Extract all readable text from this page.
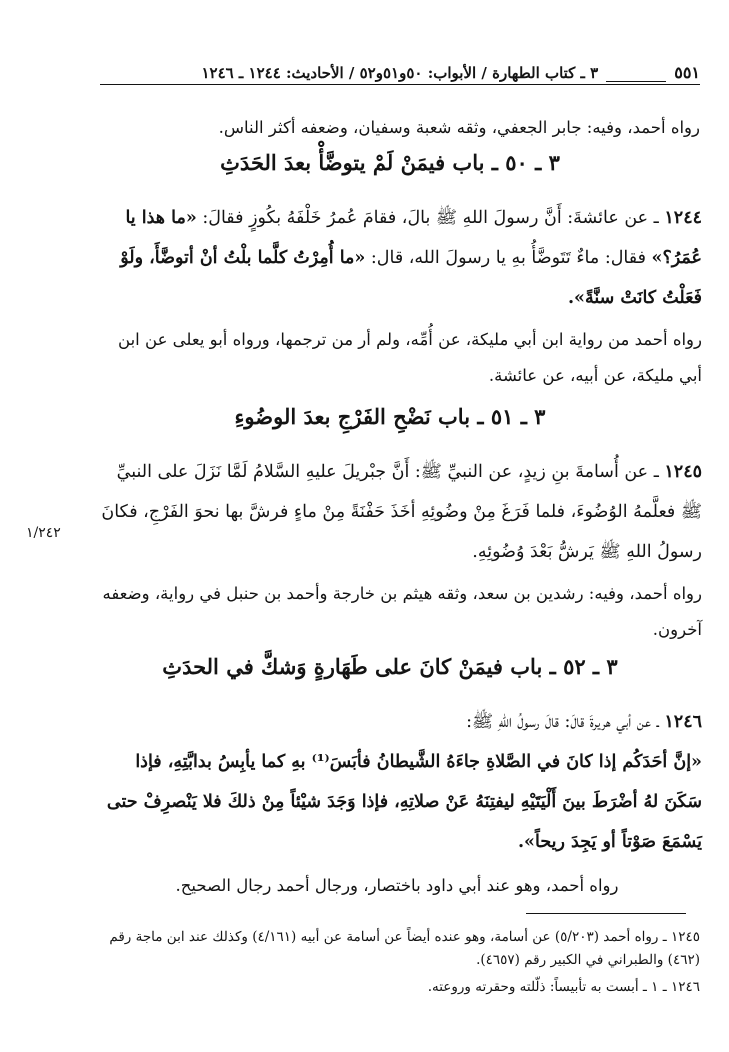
٥٥١
٣ ـ كتاب الطهارة / الأبواب: ٥٠و٥١و٥٢ / الأحاديث: ١٢٤٤ ـ ١٢٤٦
رواه أحمد، وفيه: جابر الجعفي، وثقه شعبة وسفيان، وضعفه أكثر الناس.
٣ ـ ٥٠ ـ باب فيمَنْ لَمْ يتوضَّأْ بعدَ الحَدَثِ
١٢٤٤ ـ عن عائشةَ: أَنَّ رسولَ اللهِ ﷺ بالَ، فقامَ عُمرُ خَلْفَهُ بكُوزٍ فقالَ: «ما هذا يا عُمَرُ؟» فقال: ماءٌ تَتَوضَّأُ بهِ يا رسولَ الله، قال: «ما أُمِرْتُ كلَّما بلْتُ أنْ أتوضَّأَ، ولَوْ فَعَلْتُ كانَتْ سنَّةً».
رواه أحمد من رواية ابن أبي مليكة، عن أُمِّه، ولم أر من ترجمها، ورواه أبو يعلى عن ابن أبي مليكة، عن أبيه، عن عائشة.
٣ ـ ٥١ ـ باب نَضْحِ الفَرْجِ بعدَ الوضُوءِ
١٢٤٥ ـ عن أُسامةَ بنِ زيدٍ، عن النبيِّ ﷺ: أَنَّ جبْريلَ عليهِ السَّلامُ لَمَّا نَزَلَ على النبيِّ ﷺ فعلَّمهُ الوُضُوءَ، فلما فَرَغَ مِنْ وضُوئِهِ أخَذَ حَفْنَةً مِنْ ماءٍ فرشَّ بها نحوَ الفَرْجِ، فكانَ رسولُ اللهِ ﷺ يَرشُّ بَعْدَ وُضُوئِهِ.
١/٢٤٢
رواه أحمد، وفيه: رشدين بن سعد، وثقه هيثم بن خارجة وأحمد بن حنبل في رواية، وضعفه آخرون.
٣ ـ ٥٢ ـ باب فيمَنْ كانَ على طَهَارةٍ وَشكَّ في الحدَثِ
١٢٤٦ ـ عن أبي هريرةَ قالَ: قالَ رسولُ اللهِ ﷺ:
«إنَّ أحَدَكُم إذا كانَ في الصَّلاةِ جاءَهُ الشَّيطانُ فأبَسَ⁽¹⁾ بهِ كما يأبِسُ بدابَّتِهِ، فإذا سَكَنَ لهُ أضْرَطَ بينَ أَلْيَتَيْهِ ليفتِنَهُ عَنْ صلاتِهِ، فإذا وَجَدَ شيْئاً مِنْ ذلكَ فلا يَنْصرِفْ حتى يَسْمَعَ صَوْتاً أو يَجِدَ ريحاً».
رواه أحمد، وهو عند أبي داود باختصار، ورجال أحمد رجال الصحيح.
١٢٤٥ ـ رواه أحمد (٥/٢٠٣) عن أسامة، وهو عنده أيضاً عن أسامة عن أبيه (٤/١٦١) وكذلك عند ابن ماجة رقم (٤٦٢) والطبراني في الكبير رقم (٤٦٥٧).
١٢٤٦ ـ ١ ـ أبست به تأبيساً: ذلّلته وحقرته وروعته.
